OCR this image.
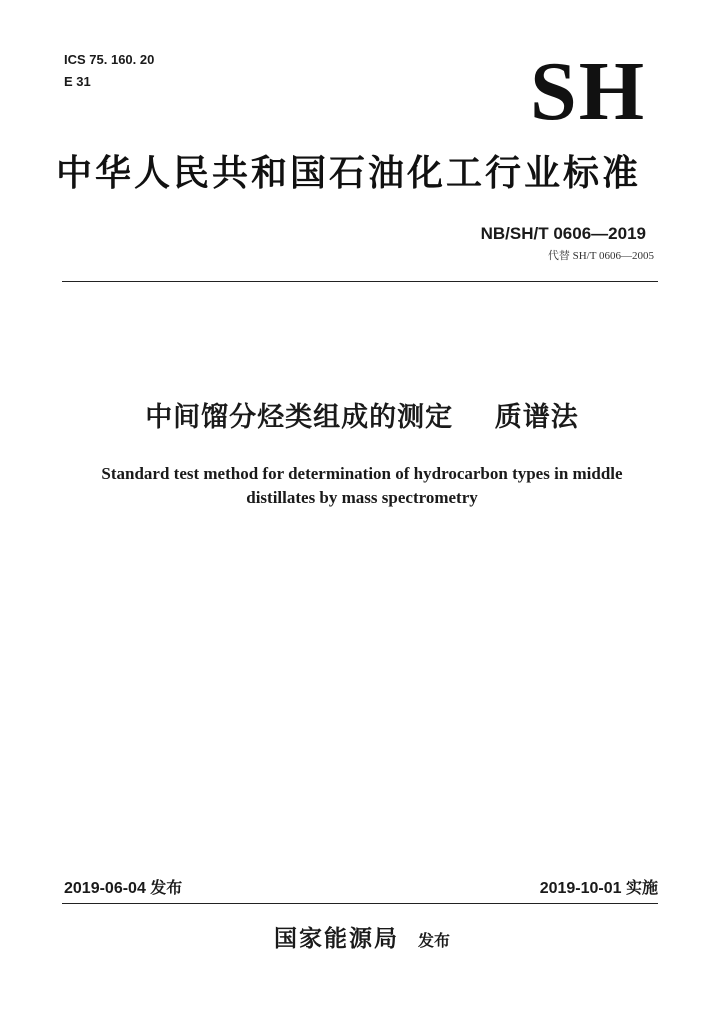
ICS 75. 160. 20
E 31	SH
中华人民共和国石油化工行业标准
NB/SH/T 0606—2019
代替 SH/T 0606—2005
中间馏分烃类组成的测定    质谱法
Standard test method for determination of hydrocarbon types in middle distillates by mass spectrometry
2019-06-04 发布	2019-10-01 实施
国家能源局 发布
